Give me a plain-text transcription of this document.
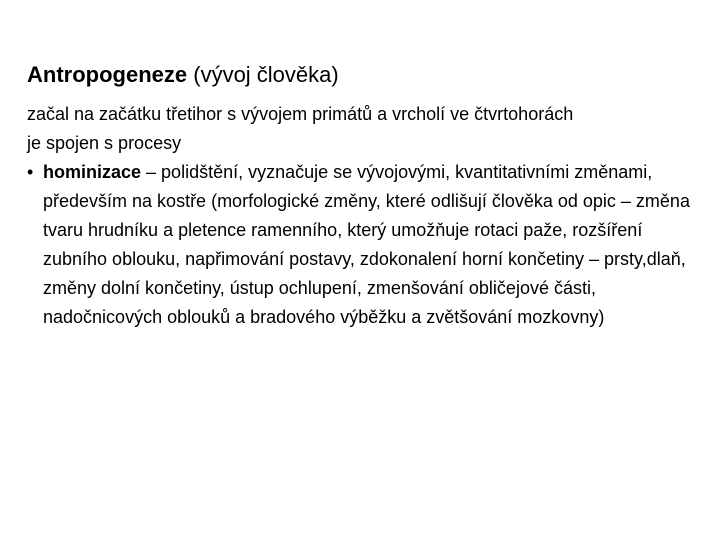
Antropogeneze (vývoj člověka)

začal na začátku třetihor s vývojem primátů a vrcholí ve čtvrtohorách

je spojen s procesy

• hominizace – polidštění, vyznačuje se vývojovými, kvantitativními změnami, především na kostře (morfologické změny, které odlišují člověka od opic – změna tvaru hrudníku a pletence ramenního, který umožňuje rotaci paže, rozšíření zubního oblouku, napřimování postavy, zdokonalení horní končetiny – prsty,dlaň, změny dolní končetiny, ústup ochlupení, zmenšování obličejové části, nadočnicových oblouků a bradového výběžku a zvětšování mozkovny)
